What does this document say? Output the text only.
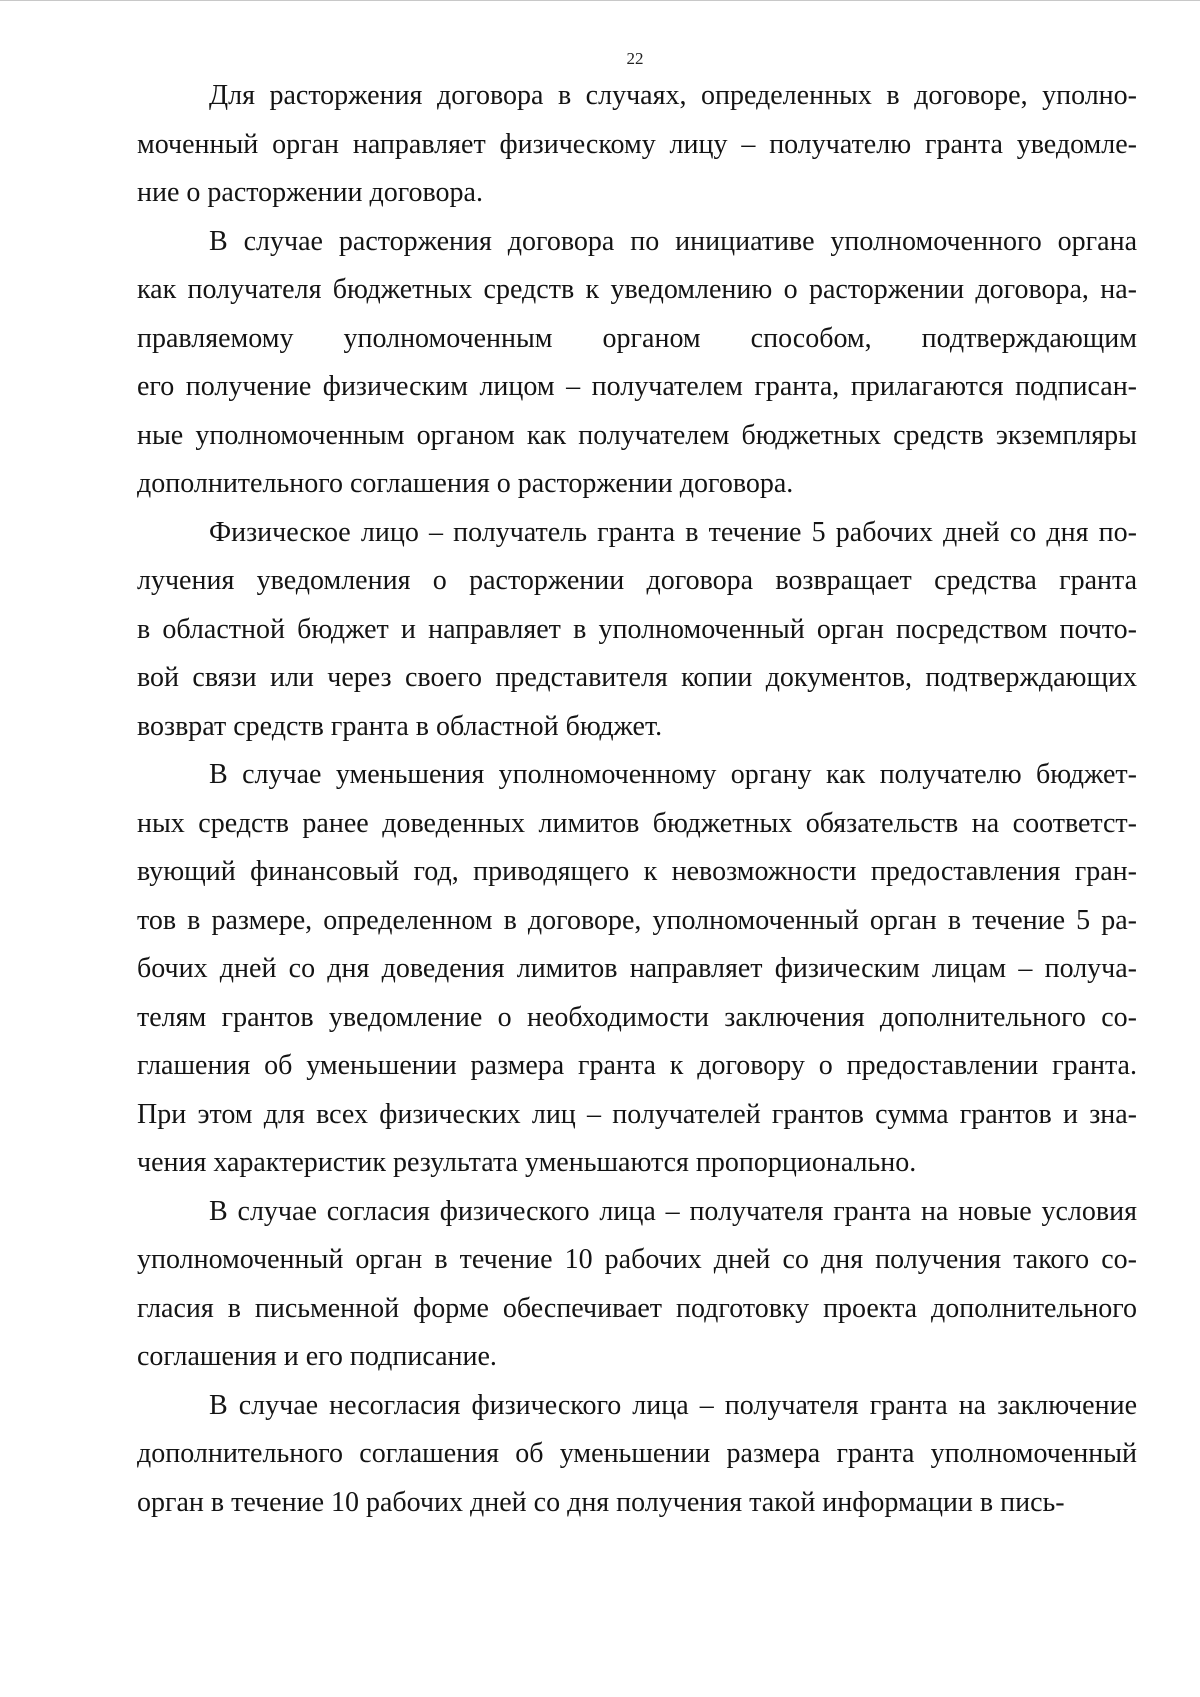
22

Для расторжения договора в случаях, определенных в договоре, уполно-
моченный орган направляет физическому лицу – получателю гранта уведомле-
ние о расторжении договора.

В случае расторжения договора по инициативе уполномоченного органа
как получателя бюджетных средств к уведомлению о расторжении договора, на-
правляемому уполномоченным органом способом, подтверждающим
его получение физическим лицом – получателем гранта, прилагаются подписан-
ные уполномоченным органом как получателем бюджетных средств экземпляры
дополнительного соглашения о расторжении договора.

Физическое лицо – получатель гранта в течение 5 рабочих дней со дня по-
лучения уведомления о расторжении договора возвращает средства гранта
в областной бюджет и направляет в уполномоченный орган посредством почто-
вой связи или через своего представителя копии документов, подтверждающих
возврат средств гранта в областной бюджет.

В случае уменьшения уполномоченному органу как получателю бюджет-
ных средств ранее доведенных лимитов бюджетных обязательств на соответст-
вующий финансовый год, приводящего к невозможности предоставления гран-
тов в размере, определенном в договоре, уполномоченный орган в течение 5 ра-
бочих дней со дня доведения лимитов направляет физическим лицам – получа-
телям грантов уведомление о необходимости заключения дополнительного со-
глашения об уменьшении размера гранта к договору о предоставлении гранта.
При этом для всех физических лиц – получателей грантов сумма грантов и зна-
чения характеристик результата уменьшаются пропорционально.

В случае согласия физического лица – получателя гранта на новые условия
уполномоченный орган в течение 10 рабочих дней со дня получения такого со-
гласия в письменной форме обеспечивает подготовку проекта дополнительного
соглашения и его подписание.

В случае несогласия физического лица – получателя гранта на заключение
дополнительного соглашения об уменьшении размера гранта уполномоченный
орган в течение 10 рабочих дней со дня получения такой информации в пись-
